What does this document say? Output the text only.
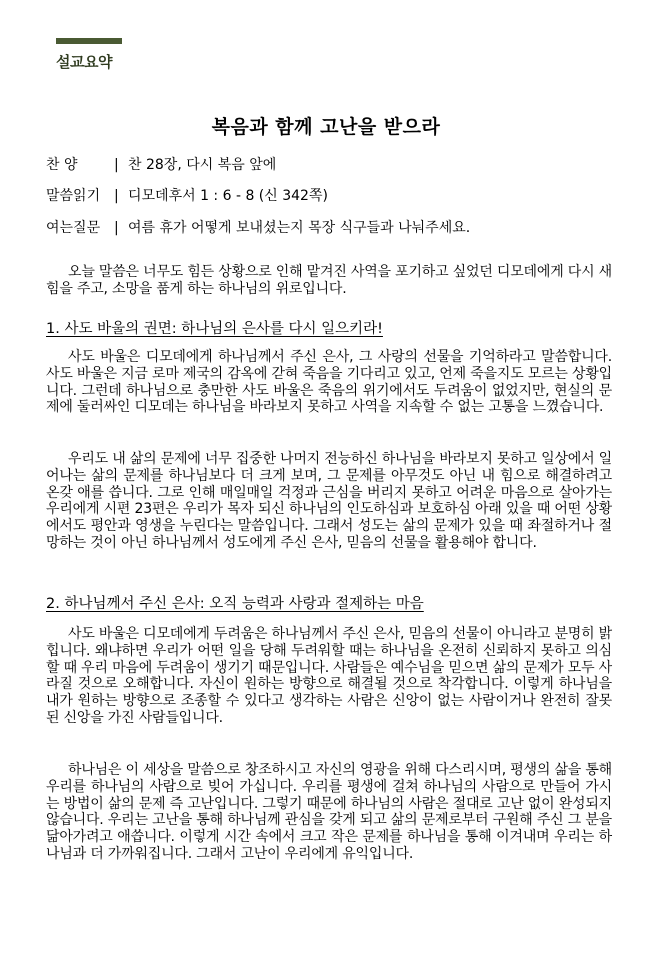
설교요약
복음과 함께 고난을 받으라
찬 양	| 찬 28장, 다시 복음 앞에
말씀읽기 | 디모데후서 1 : 6 - 8 (신 342쪽)
여는질문 | 여름 휴가 어떻게 보내셨는지 목장 식구들과 나눠주세요.

오늘 말씀은 너무도 힘든 상황으로 인해 맡겨진 사역을 포기하고 싶었던 디모데에게 다시 새 힘을 주고, 소망을 품게 하는 하나님의 위로입니다.

1. 사도 바울의 권면: 하나님의 은사를 다시 일으키라!

사도 바울은 디모데에게 하나님께서 주신 은사, 그 사랑의 선물을 기억하라고 말씀합니다. 사도 바울은 지금 로마 제국의 감옥에 갇혀 죽음을 기다리고 있고, 언제 죽을지도 모르는 상황입니다. 그런데 하나님으로 충만한 사도 바울은 죽음의 위기에서도 두려움이 없었지만, 현실의 문제에 둘러싸인 디모데는 하나님을 바라보지 못하고 사역을 지속할 수 없는 고통을 느꼈습니다.

우리도 내 삶의 문제에 너무 집중한 나머지 전능하신 하나님을 바라보지 못하고 일상에서 일어나는 삶의 문제를 하나님보다 더 크게 보며, 그 문제를 아무것도 아닌 내 힘으로 해결하려고 온갖 애를 씁니다. 그로 인해 매일매일 걱정과 근심을 버리지 못하고 어려운 마음으로 살아가는 우리에게 시편 23편은 우리가 목자 되신 하나님의 인도하심과 보호하심 아래 있을 때 어떤 상황에서도 평안과 영생을 누린다는 말씀입니다. 그래서 성도는 삶의 문제가 있을 때 좌절하거나 절망하는 것이 아닌 하나님께서 성도에게 주신 은사, 믿음의 선물을 활용해야 합니다.

2. 하나님께서 주신 은사: 오직 능력과 사랑과 절제하는 마음

사도 바울은 디모데에게 두려움은 하나님께서 주신 은사, 믿음의 선물이 아니라고 분명히 밝힙니다. 왜냐하면 우리가 어떤 일을 당해 두려워할 때는 하나님을 온전히 신뢰하지 못하고 의심할 때 우리 마음에 두려움이 생기기 때문입니다. 사람들은 예수님을 믿으면 삶의 문제가 모두 사라질 것으로 오해합니다. 자신이 원하는 방향으로 해결될 것으로 착각합니다. 이렇게 하나님을 내가 원하는 방향으로 조종할 수 있다고 생각하는 사람은 신앙이 없는 사람이거나 완전히 잘못된 신앙을 가진 사람들입니다.

하나님은 이 세상을 말씀으로 창조하시고 자신의 영광을 위해 다스리시며, 평생의 삶을 통해 우리를 하나님의 사람으로 빚어 가십니다. 우리를 평생에 걸쳐 하나님의 사람으로 만들어 가시는 방법이 삶의 문제 즉 고난입니다. 그렇기 때문에 하나님의 사람은 절대로 고난 없이 완성되지 않습니다. 우리는 고난을 통해 하나님께 관심을 갖게 되고 삶의 문제로부터 구원해 주신 그 분을 닮아가려고 애씁니다. 이렇게 시간 속에서 크고 작은 문제를 하나님을 통해 이겨내며 우리는 하나님과 더 가까워집니다. 그래서 고난이 우리에게 유익입니다.
